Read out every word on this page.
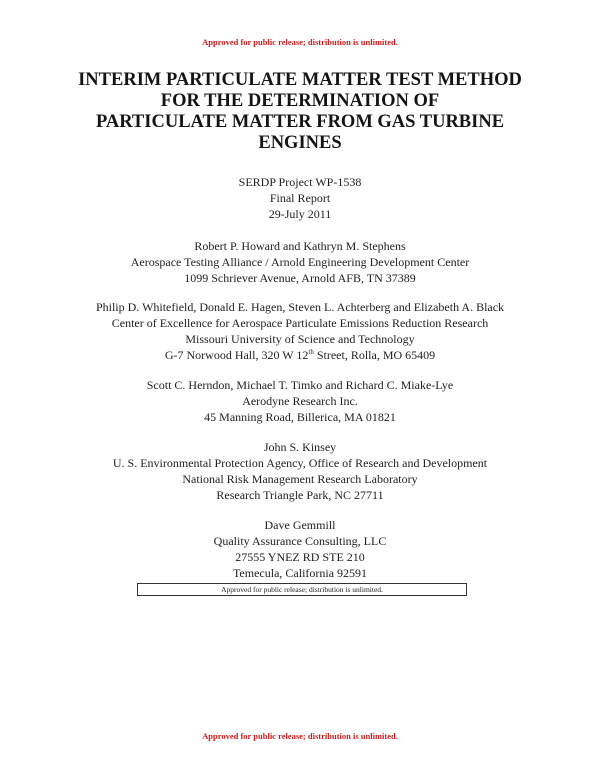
Approved for public release; distribution is unlimited.
INTERIM PARTICULATE MATTER TEST METHOD
FOR THE DETERMINATION OF
PARTICULATE MATTER FROM GAS TURBINE
ENGINES
SERDP Project WP-1538
Final Report
29-July 2011
Robert P. Howard and Kathryn M. Stephens
Aerospace Testing Alliance / Arnold Engineering Development Center
1099 Schriever Avenue, Arnold AFB, TN 37389
Philip D. Whitefield, Donald E. Hagen, Steven L. Achterberg and Elizabeth A. Black
Center of Excellence for Aerospace Particulate Emissions Reduction Research
Missouri University of Science and Technology
G-7 Norwood Hall, 320 W 12th Street, Rolla, MO 65409
Scott C. Herndon, Michael T. Timko and Richard C. Miake-Lye
Aerodyne Research Inc.
45 Manning Road, Billerica, MA 01821
John S. Kinsey
U. S. Environmental Protection Agency, Office of Research and Development
National Risk Management Research Laboratory
Research Triangle Park, NC 27711
Dave Gemmill
Quality Assurance Consulting, LLC
27555 YNEZ RD STE 210
Temecula, California 92591
Approved for public release; distribution is unlimited.
Approved for public release; distribution is unlimited.
